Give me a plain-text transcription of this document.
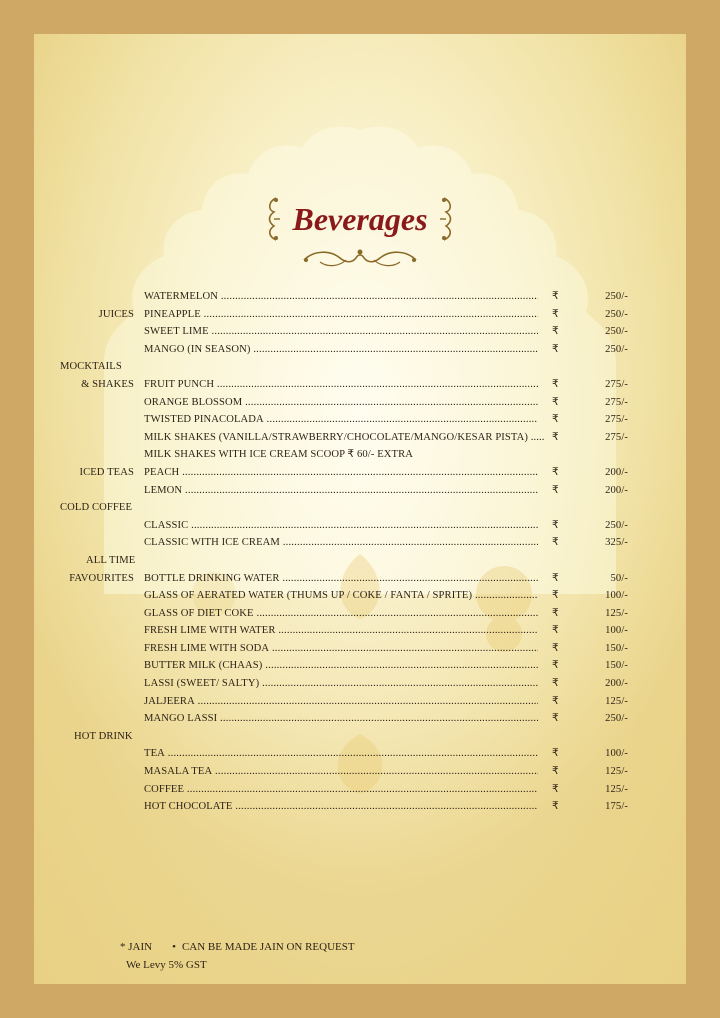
Beverages
WATERMELON .....	₹	250/-
JUICES PINEAPPLE .....	₹	250/-
SWEET LIME .....	₹	250/-
MANGO (IN SEASON) .....	₹	250/-
MOCKTAILS
& SHAKES FRUIT PUNCH .....	₹	275/-
ORANGE BLOSSOM .....	₹	275/-
TWISTED PINACOLADA .....	₹	275/-
MILK SHAKES (VANILLA/STRAWBERRY/CHOCOLATE/MANGO/KESAR PISTA) ..... ₹	275/-
MILK SHAKES WITH ICE CREAM SCOOP ₹ 60/- EXTRA
ICED TEAS PEACH .....	₹	200/-
LEMON .....	₹	200/-
COLD COFFEE
CLASSIC .....	₹	250/-
CLASSIC WITH ICE CREAM .....	₹	325/-
ALL TIME
FAVOURITES BOTTLE DRINKING WATER .....	₹	50/-
GLASS OF AERATED WATER (THUMS UP / COKE / FANTA / SPRITE) .....	₹	100/-
GLASS OF DIET COKE .....	₹	125/-
FRESH LIME WITH WATER .....	₹	100/-
FRESH LIME WITH SODA .....	₹	150/-
BUTTER MILK (CHAAS) .....	₹	150/-
LASSI (SWEET/ SALTY) .....	₹	200/-
JALJEERA .....	₹	125/-
MANGO LASSI .....	₹	250/-
HOT DRINK
TEA .....	₹	100/-
MASALA TEA .....	₹	125/-
COFFEE .....	₹	125/-
HOT CHOCOLATE .....	₹	175/-
* JAIN • CAN BE MADE JAIN ON REQUEST
We Levy 5% GST
